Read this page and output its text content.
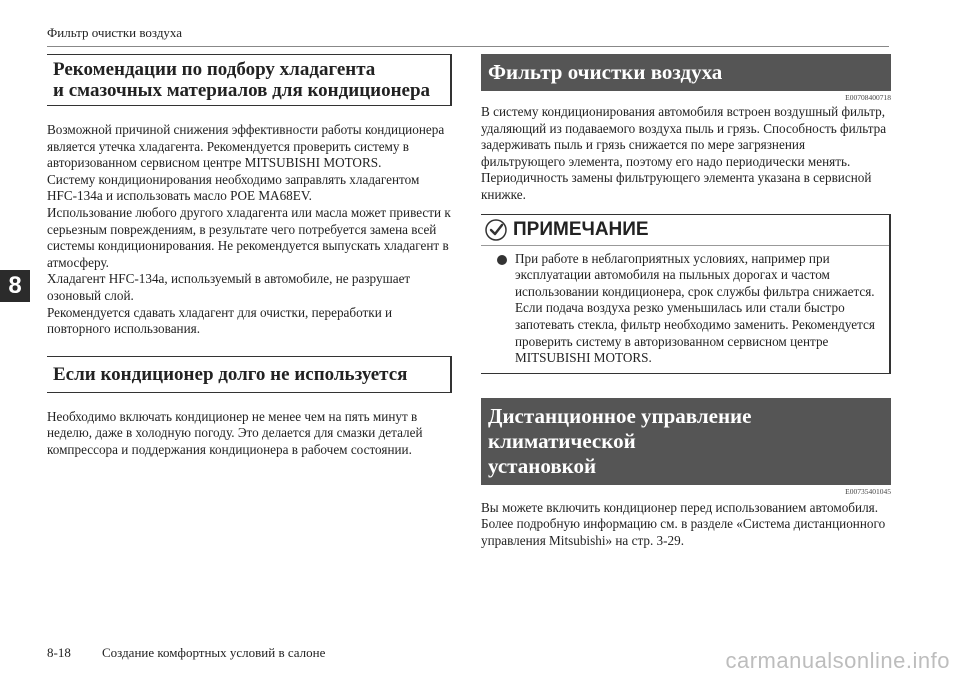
Фильтр очистки воздуха
8
Рекомендации по подбору хладагента
и смазочных материалов для кондиционера

Возможной причиной снижения эффективности работы кондиционера является утечка хладагента. Рекомендуется проверить систему в авторизованном сервисном центре MITSUBISHI MOTORS.
Систему кондиционирования необходимо заправлять хладагентом HFC-134a и использовать масло POE MA68EV.
Использование любого другого хладагента или масла может привести к серьезным повреждениям, в результате чего потребуется замена всей системы кондиционирования. Не рекомендуется выпускать хладагент в атмосферу.
Хладагент HFC-134a, используемый в автомобиле, не разрушает озоновый слой.
Рекомендуется сдавать хладагент для очистки, переработки и повторного использования.

Если кондиционер долго не используется

Необходимо включать кондиционер не менее чем на пять минут в неделю, даже в холодную погоду. Это делается для смазки деталей компрессора и поддержания кондиционера в рабочем состоянии.

Фильтр очистки воздуха
E00708400718

В систему кондиционирования автомобиля встроен воздушный фильтр, удаляющий из подаваемого воздуха пыль и грязь. Способность фильтра задерживать пыль и грязь снижается по мере загрязнения фильтрующего элемента, поэтому его надо периодически менять. Периодичность замены фильтрующего элемента указана в сервисной книжке.

ПРИМЕЧАНИЕ
При работе в неблагоприятных условиях, например при эксплуатации автомобиля на пыльных дорогах и частом использовании кондиционера, срок службы фильтра снижается. Если подача воздуха резко уменьшилась или стали быстро запотевать стекла, фильтр необходимо заменить. Рекомендуется проверить систему в авторизованном сервисном центре MITSUBISHI MOTORS.
Дистанционное управление климатической
установкой
E00735401045

Вы можете включить кондиционер перед использованием автомобиля.
Более подробную информацию см. в разделе «Система дистанционного управления Mitsubishi» на стр. 3-29.

8-18 Создание комфортных условий в салоне	carmanualsonline.info
